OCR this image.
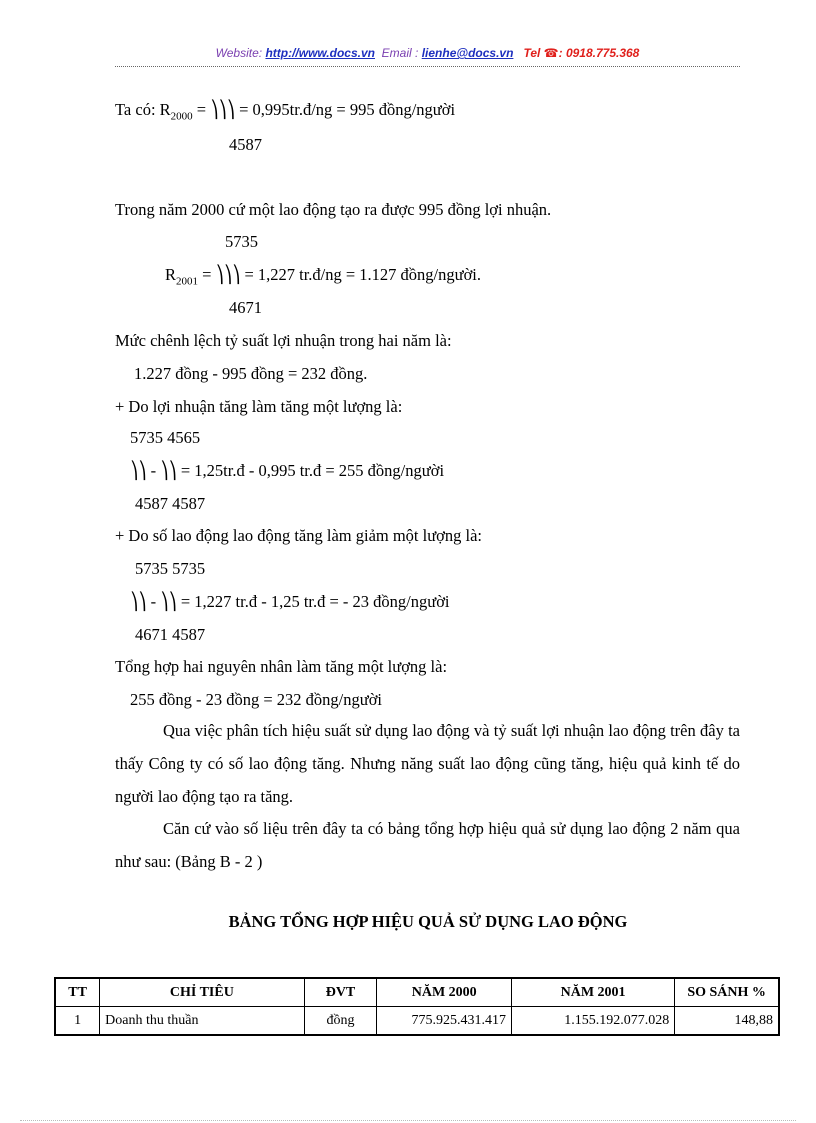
Website: http://www.docs.vn Email : lienhe@docs.vn Tel ☎: 0918.775.368
Ta có: $R_{2000}$ = ⎞⎞⎞ = 0,995tr.đ/ng = 995 đồng/người
4587
Trong năm 2000 cứ một lao động tạo ra được 995 đồng lợi nhuận.
5735
$R_{2001}$ = ⎞⎞⎞ = 1,227 tr.đ/ng = 1.127 đồng/người.
4671
Mức chênh lệch tỷ suất lợi nhuận trong hai năm là:
1.227 đồng - 995 đồng = 232 đồng.
+ Do lợi nhuận tăng làm tăng một lượng là:
5735 4565
⎞⎞ - ⎞⎞ = 1,25tr.đ - 0,995 tr.đ = 255 đồng/người
4587 4587
+ Do số lao động lao động tăng làm giảm một lượng là:
5735 5735
⎞⎞ - ⎞⎞ = 1,227 tr.đ - 1,25 tr.đ = - 23 đồng/người
4671 4587
Tổng hợp hai nguyên nhân làm tăng một lượng là:
255 đồng - 23 đồng = 232 đồng/người
Qua việc phân tích hiệu suất sử dụng lao động và tỷ suất lợi nhuận lao động trên đây ta thấy Công ty có số lao động tăng. Nhưng năng suất lao động cũng tăng, hiệu quả kinh tế do người lao động tạo ra tăng.
Căn cứ vào số liệu trên đây ta có bảng tổng hợp hiệu quả sử dụng lao động 2 năm qua như sau: (Bảng B - 2 )
BẢNG TỔNG HỢP HIỆU QUẢ SỬ DỤNG LAO ĐỘNG
TT	CHỈ TIÊU	ĐVT	NĂM 2000	NĂM 2001	SO SÁNH %
1	Doanh thu thuần	đồng	775.925.431.417	1.155.192.077.028	148,88
